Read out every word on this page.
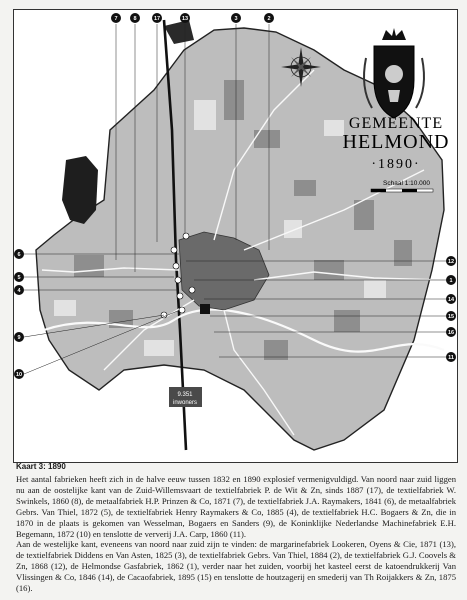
GEMEENTE
HELMOND
·1890·
Schaal 1:10.000
9.351
inwoners
7	8	17	13	3	2
6
5
4
9
10
12
1
14
15
16
11
Kaart 3: 1890

Het aantal fabrieken heeft zich in de halve eeuw tussen 1832 en 1890 explosief vermenigvuldigd. Van noord naar zuid liggen nu aan de oostelijke kant van de Zuid-Willemsvaart de textielfabriek P. de Wit & Zn, sinds 1887 (17), de textielfabriek W. Swinkels, 1860 (8), de metaalfabriek H.P. Prinzen & Co, 1871 (7), de textielfabriek J.A. Raymakers, 1841 (6), de metaalfabriek Gebrs. Van Thiel, 1872 (5), de textielfabriek Henry Raymakers & Co, 1885 (4), de textielfabriek H.C. Bogaers & Zn, die in 1870 in de plaats is gekomen van Wesselman, Bogaers en Sanders (9), de Koninklijke Nederlandse Machinefabriek E.H. Begemann, 1872 (10) en tenslotte de ververij J.A. Carp, 1860 (11).

Aan de westelijke kant, eveneens van noord naar zuid zijn te vinden: de margarinefabriek Lookeren, Oyens & Cie, 1871 (13), de textielfabriek Diddens en Van Asten, 1825 (3), de textielfabriek Gebrs. Van Thiel, 1884 (2), de textielfabriek G.J. Coovels & Zn, 1868 (12), de Helmondse Gasfabriek, 1862 (1), verder naar het zuiden, voorbij het kasteel eerst de katoendrukkerij Van Vlissingen & Co, 1846 (14), de Cacaofabriek, 1895 (15) en tenslotte de houtzagerij en smederij van Th Roijakkers & Zn, 1875 (16).
